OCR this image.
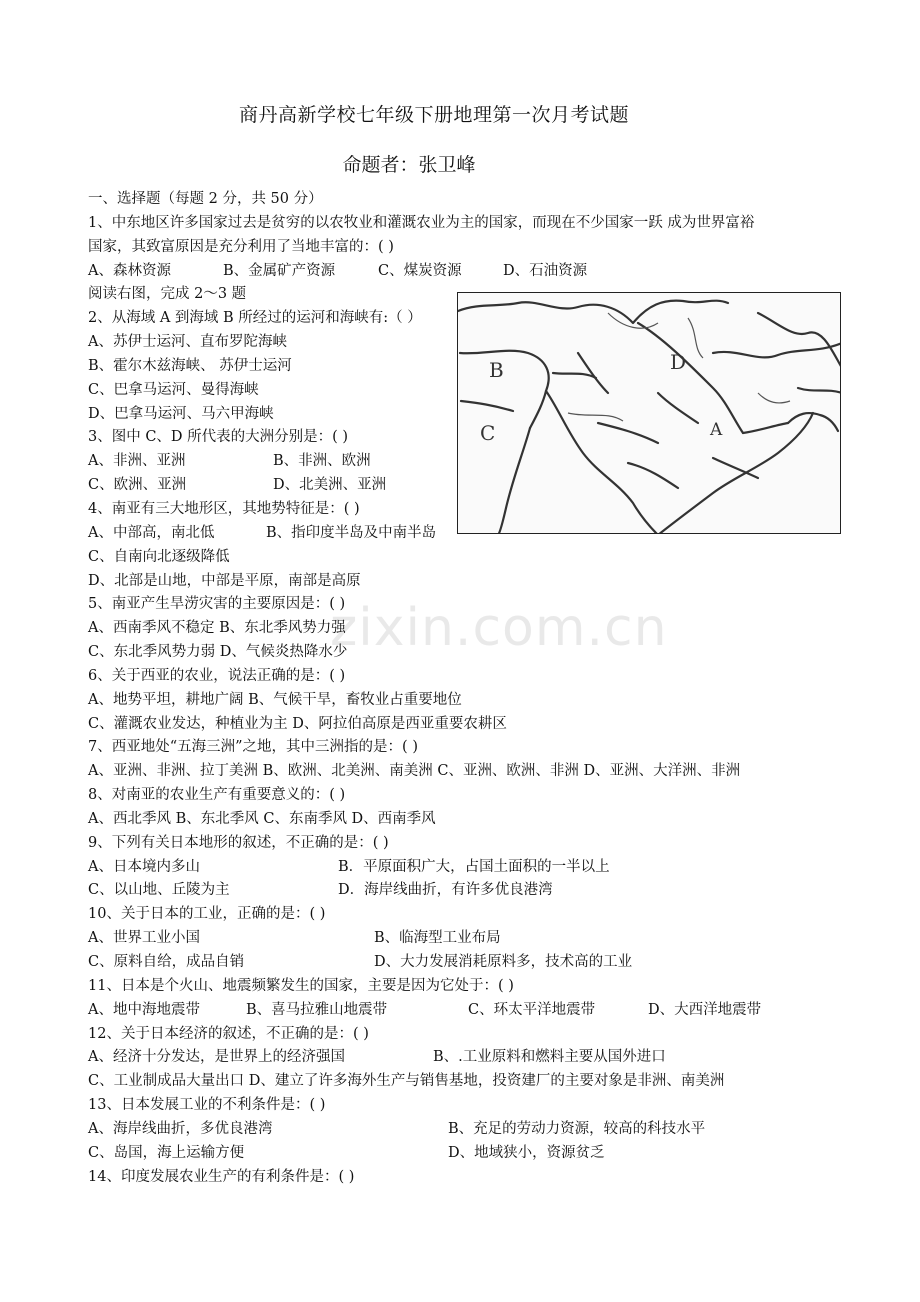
商丹高新学校七年级下册地理第一次月考试题
命题者：张卫峰
B	D
C	A
zixin.com.cn
一、选择题（每题 2 分，共 50 分）
1、中东地区许多国家过去是贫穷的以农牧业和灌溉农业为主的国家，而现在不少国家一跃 成为世界富裕
国家，其致富原因是充分利用了当地丰富的：( )
A、森林资源	B、金属矿产资源	C、煤炭资源	D、石油资源
阅读右图，完成 2～3 题
2、从海域 A 到海域 B 所经过的运河和海峡有:（ ）
A、苏伊士运河、直布罗陀海峡
B、霍尔木兹海峡、 苏伊士运河
C、巴拿马运河、曼得海峡
D、巴拿马运河、马六甲海峡
3、图中 C、D 所代表的大洲分别是：( )
A、非洲、亚洲	B、非洲、欧洲
C、欧洲、亚洲	D、北美洲、亚洲
4、南亚有三大地形区，其地势特征是：( )
A、中部高，南北低	B、指印度半岛及中南半岛
C、自南向北逐级降低
D、北部是山地，中部是平原，南部是高原
5、南亚产生旱涝灾害的主要原因是：( )
A、西南季风不稳定 B、东北季风势力强
C、东北季风势力弱 D、气候炎热降水少
6、关于西亚的农业，说法正确的是：( )
A、地势平坦，耕地广阔 B、气候干旱，畜牧业占重要地位
C、灌溉农业发达，种植业为主 D、阿拉伯高原是西亚重要农耕区
7、西亚地处“五海三洲”之地，其中三洲指的是：( )
A、亚洲、非洲、拉丁美洲 B、欧洲、北美洲、南美洲 C、亚洲、欧洲、非洲 D、亚洲、大洋洲、非洲
8、对南亚的农业生产有重要意义的：( )
A、西北季风 B、东北季风 C、东南季风 D、西南季风
9、下列有关日本地形的叙述，不正确的是：( )
A、日本境内多山	B．平原面积广大，占国土面积的一半以上
C、以山地、丘陵为主	D．海岸线曲折，有许多优良港湾
10、关于日本的工业，正确的是：( )
A、世界工业小国	B、临海型工业布局
C、原料自给，成品自销	D、大力发展消耗原料多，技术高的工业
11、日本是个火山、地震频繁发生的国家，主要是因为它处于：( )
A、地中海地震带	B、喜马拉雅山地震带	C、环太平洋地震带	D、大西洋地震带
12、关于日本经济的叙述，不正确的是：( )
A、经济十分发达，是世界上的经济强国	B、.工业原料和燃料主要从国外进口
C、工业制成品大量出口 D、建立了许多海外生产与销售基地，投资建厂的主要对象是非洲、南美洲
13、日本发展工业的不利条件是：( )
A、海岸线曲折，多优良港湾	B、充足的劳动力资源，较高的科技水平
C、岛国，海上运输方便	D、地域狭小，资源贫乏
14、印度发展农业生产的有利条件是：( )
